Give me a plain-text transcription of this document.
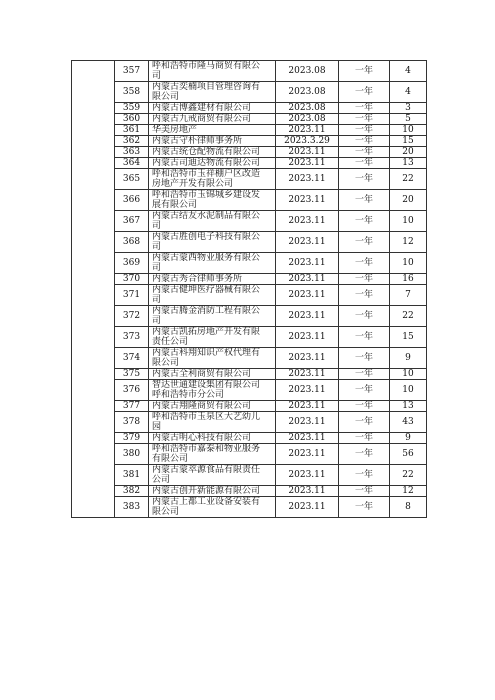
	357	呼和浩特市隆马商贸有限公
司	2023.08	一年	4
	358	内蒙古奕楠项目管理咨询有
限公司	2023.08	一年	4
	359	内蒙古博鑫建材有限公司	2023.08	一年	3
	360	内蒙古九戒商贸有限公司	2023.08	一年	5
	361	华美房地产	2023.11	一年	10
	362	内蒙古守朴律师事务所	2023.3.29	一年	15
	363	内蒙古统仓配物流有限公司	2023.11	一年	20
	364	内蒙古司迪达物流有限公司	2023.11	一年	13
	365	呼和浩特市玉祥棚户区改造
房地产开发有限公司	2023.11	一年	22
	366	呼和浩特市玉锦城乡建设发
展有限公司	2023.11	一年	20
	367	内蒙古结友水泥制品有限公
司	2023.11	一年	10
	368	内蒙古胜创电子科技有限公
司	2023.11	一年	12
	369	内蒙古蒙西物业服务有限公
司	2023.11	一年	10
	370	内蒙古秀合律师事务所	2023.11	一年	16
	371	内蒙古健坤医疗器械有限公
司	2023.11	一年	7
	372	内蒙古腾金消防工程有限公
司	2023.11	一年	22
	373	内蒙古凯拓房地产开发有限
责任公司	2023.11	一年	15
	374	内蒙古科翔知识产权代理有
限公司	2023.11	一年	9
	375	内蒙古全利商贸有限公司	2023.11	一年	10
	376	智达世通建设集团有限公司
呼和浩特市分公司	2023.11	一年	10
	377	内蒙古翔隆商贸有限公司	2023.11	一年	13
	378	呼和浩特市玉泉区大艺幼儿
园	2023.11	一年	43
	379	内蒙古明心科技有限公司	2023.11	一年	9
	380	呼和浩特市嘉泰和物业服务
有限公司	2023.11	一年	56
	381	内蒙古蒙萃源食品有限责任
公司	2023.11	一年	22
	382	内蒙古创开新能源有限公司	2023.11	一年	12
	383	内蒙古上都工业设备安装有
限公司	2023.11	一年	8
